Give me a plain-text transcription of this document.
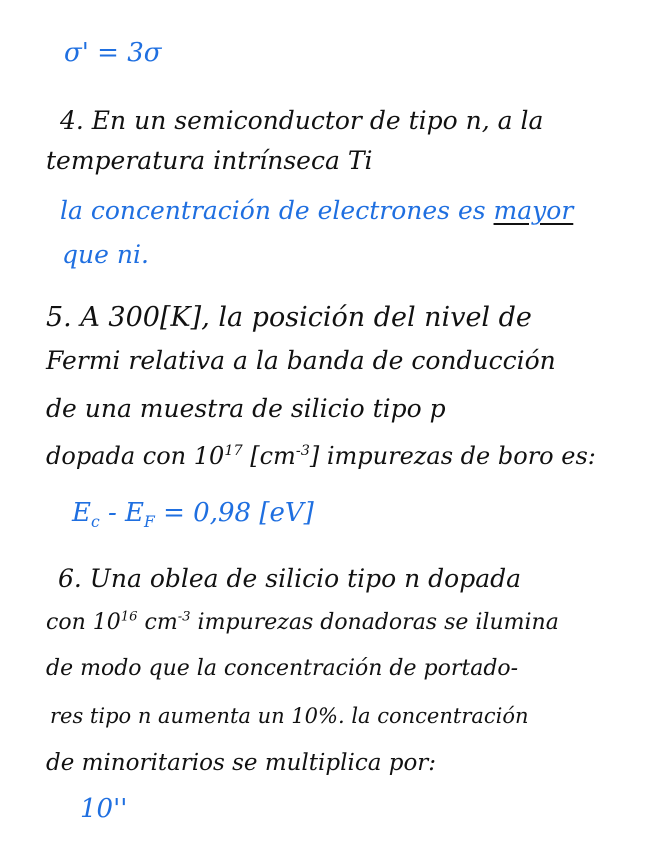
σ' = 3σ

4. En un semiconductor de tipo n, a la

temperatura intrínseca Ti

la concentración de electrones es mayor

que ni.

5. A 300[K], la posición del nivel de

Fermi relativa a la banda de conducción

de una muestra de silicio tipo p

dopada con $10^{17}$ $[cm^{-3}]$ impurezas de boro es:

$E_c - E_F = 0,98$ [eV]

6. Una oblea de silicio tipo n dopada

con $10^{16}$ $cm^{-3}$ impurezas donadoras se ilumina

de modo que la concentración de portado-

res tipo n aumenta un 10%. la concentración

de minoritarios se multiplica por:

10''
